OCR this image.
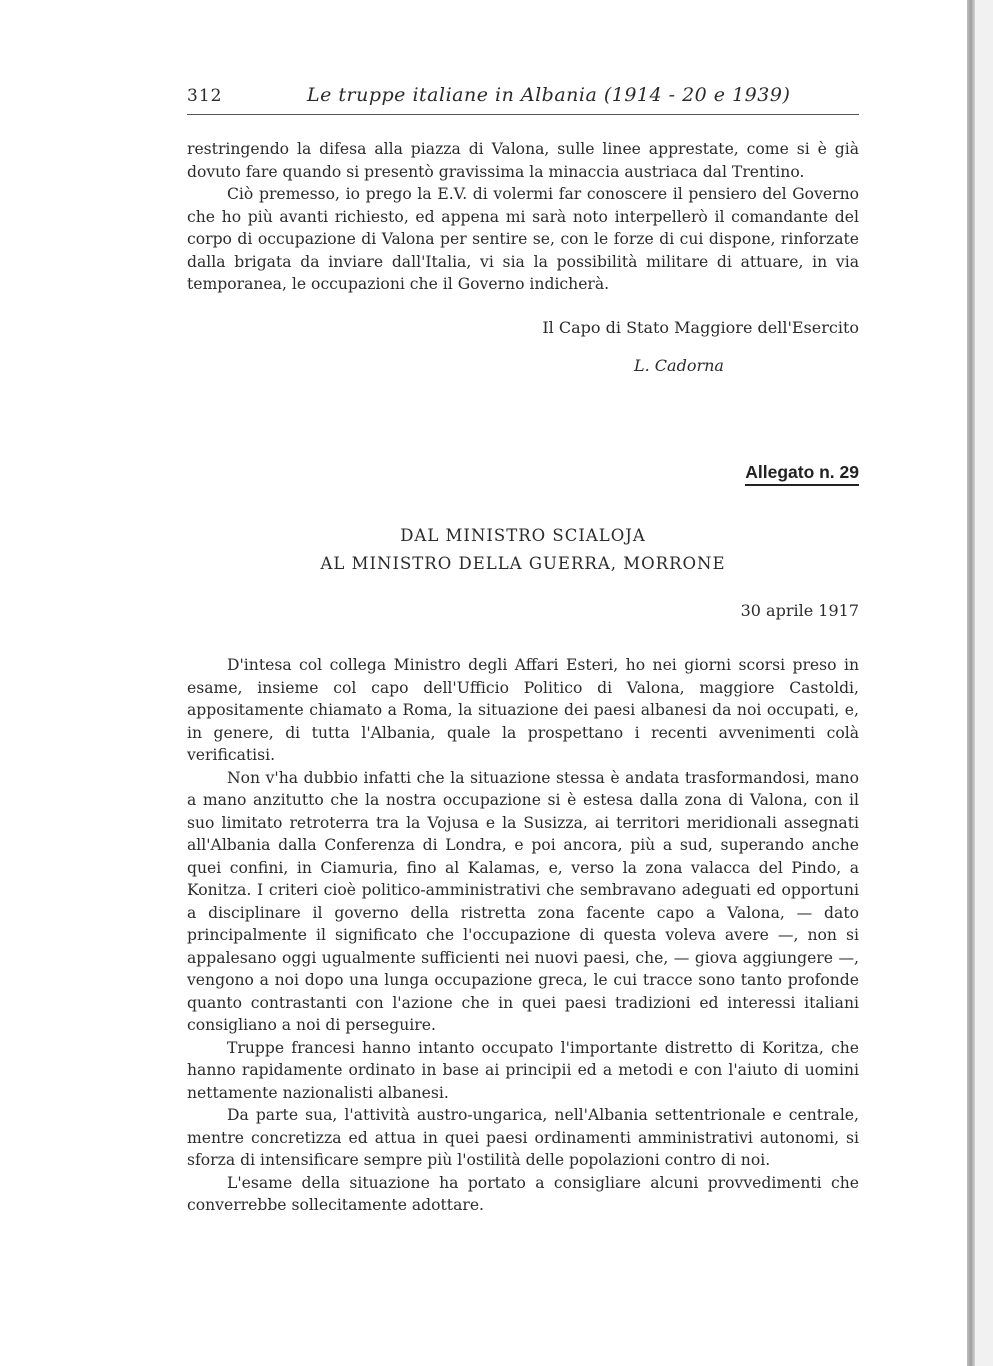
312	Le truppe italiane in Albania (1914 - 20 e 1939)

restringendo la difesa alla piazza di Valona, sulle linee apprestate, come si è già dovuto fare quando si presentò gravissima la minaccia austriaca dal Trentino.

Ciò premesso, io prego la E.V. di volermi far conoscere il pensiero del Governo che ho più avanti richiesto, ed appena mi sarà noto interpellerò il comandante del corpo di occupazione di Valona per sentire se, con le forze di cui dispone, rinforzate dalla brigata da inviare dall'Italia, vi sia la possibilità militare di attuare, in via temporanea, le occupazioni che il Governo indicherà.

Il Capo di Stato Maggiore dell'Esercito
L. Cadorna
Allegato n. 29
DAL MINISTRO SCIALOJA
AL MINISTRO DELLA GUERRA, MORRONE
30 aprile 1917

D'intesa col collega Ministro degli Affari Esteri, ho nei giorni scorsi preso in esame, insieme col capo dell'Ufficio Politico di Valona, maggiore Castoldi, appositamente chiamato a Roma, la situazione dei paesi albanesi da noi occupati, e, in genere, di tutta l'Albania, quale la prospettano i recenti avvenimenti colà verificatisi.

Non v'ha dubbio infatti che la situazione stessa è andata trasformandosi, mano a mano anzitutto che la nostra occupazione si è estesa dalla zona di Valona, con il suo limitato retroterra tra la Vojusa e la Susizza, ai territori meridionali assegnati all'Albania dalla Conferenza di Londra, e poi ancora, più a sud, superando anche quei confini, in Ciamuria, fino al Kalamas, e, verso la zona valacca del Pindo, a Konitza. I criteri cioè politico-amministrativi che sembravano adeguati ed opportuni a disciplinare il governo della ristretta zona facente capo a Valona, — dato principalmente il significato che l'occupazione di questa voleva avere —, non si appalesano oggi ugualmente sufficienti nei nuovi paesi, che, — giova aggiungere —, vengono a noi dopo una lunga occupazione greca, le cui tracce sono tanto profonde quanto contrastanti con l'azione che in quei paesi tradizioni ed interessi italiani consigliano a noi di perseguire.

Truppe francesi hanno intanto occupato l'importante distretto di Koritza, che hanno rapidamente ordinato in base ai principii ed a metodi e con l'aiuto di uomini nettamente nazionalisti albanesi.

Da parte sua, l'attività austro-ungarica, nell'Albania settentrionale e centrale, mentre concretizza ed attua in quei paesi ordinamenti amministrativi autonomi, si sforza di intensificare sempre più l'ostilità delle popolazioni contro di noi.

L'esame della situazione ha portato a consigliare alcuni provvedimenti che converrebbe sollecitamente adottare.
